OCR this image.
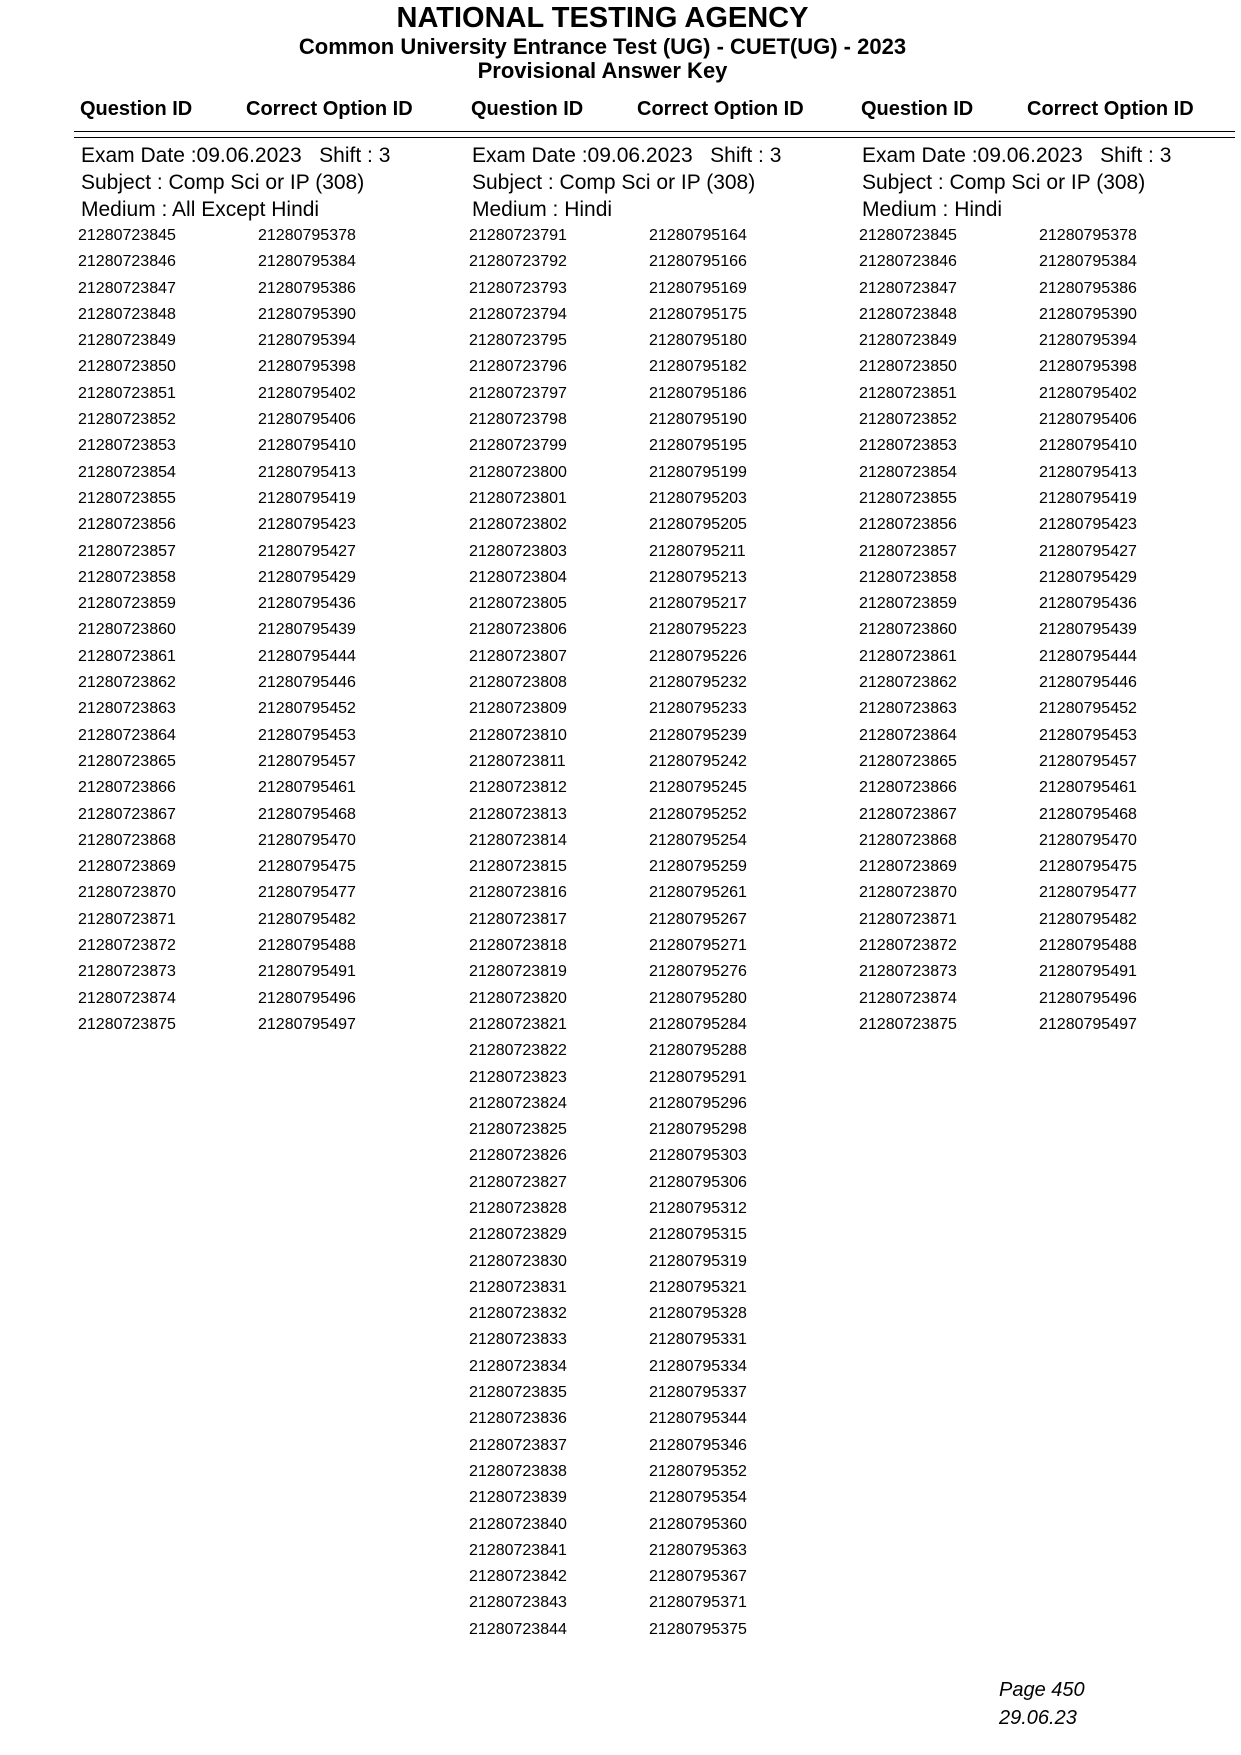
NATIONAL TESTING AGENCY
Common University Entrance Test (UG) - CUET(UG) - 2023
Provisional Answer Key
Question ID	Correct Option ID	Question ID	Correct Option ID	Question ID	Correct Option ID
Exam Date :09.06.2023 Shift : 3
Subject : Comp Sci or IP (308)
Medium : All Except Hindi
21280723845	21280795378
21280723846	21280795384
21280723847	21280795386
21280723848	21280795390
21280723849	21280795394
21280723850	21280795398
21280723851	21280795402
21280723852	21280795406
21280723853	21280795410
21280723854	21280795413
21280723855	21280795419
21280723856	21280795423
21280723857	21280795427
21280723858	21280795429
21280723859	21280795436
21280723860	21280795439
21280723861	21280795444
21280723862	21280795446
21280723863	21280795452
21280723864	21280795453
21280723865	21280795457
21280723866	21280795461
21280723867	21280795468
21280723868	21280795470
21280723869	21280795475
21280723870	21280795477
21280723871	21280795482
21280723872	21280795488
21280723873	21280795491
21280723874	21280795496
21280723875	21280795497
Exam Date :09.06.2023 Shift : 3
Subject : Comp Sci or IP (308)
Medium : Hindi
21280723791	21280795164
21280723792	21280795166
21280723793	21280795169
21280723794	21280795175
21280723795	21280795180
21280723796	21280795182
21280723797	21280795186
21280723798	21280795190
21280723799	21280795195
21280723800	21280795199
21280723801	21280795203
21280723802	21280795205
21280723803	21280795211
21280723804	21280795213
21280723805	21280795217
21280723806	21280795223
21280723807	21280795226
21280723808	21280795232
21280723809	21280795233
21280723810	21280795239
21280723811	21280795242
21280723812	21280795245
21280723813	21280795252
21280723814	21280795254
21280723815	21280795259
21280723816	21280795261
21280723817	21280795267
21280723818	21280795271
21280723819	21280795276
21280723820	21280795280
21280723821	21280795284
21280723822	21280795288
21280723823	21280795291
21280723824	21280795296
21280723825	21280795298
21280723826	21280795303
21280723827	21280795306
21280723828	21280795312
21280723829	21280795315
21280723830	21280795319
21280723831	21280795321
21280723832	21280795328
21280723833	21280795331
21280723834	21280795334
21280723835	21280795337
21280723836	21280795344
21280723837	21280795346
21280723838	21280795352
21280723839	21280795354
21280723840	21280795360
21280723841	21280795363
21280723842	21280795367
21280723843	21280795371
21280723844	21280795375
Exam Date :09.06.2023 Shift : 3
Subject : Comp Sci or IP (308)
Medium : Hindi
21280723845	21280795378
21280723846	21280795384
21280723847	21280795386
21280723848	21280795390
21280723849	21280795394
21280723850	21280795398
21280723851	21280795402
21280723852	21280795406
21280723853	21280795410
21280723854	21280795413
21280723855	21280795419
21280723856	21280795423
21280723857	21280795427
21280723858	21280795429
21280723859	21280795436
21280723860	21280795439
21280723861	21280795444
21280723862	21280795446
21280723863	21280795452
21280723864	21280795453
21280723865	21280795457
21280723866	21280795461
21280723867	21280795468
21280723868	21280795470
21280723869	21280795475
21280723870	21280795477
21280723871	21280795482
21280723872	21280795488
21280723873	21280795491
21280723874	21280795496
21280723875	21280795497
Page 450
29.06.23
